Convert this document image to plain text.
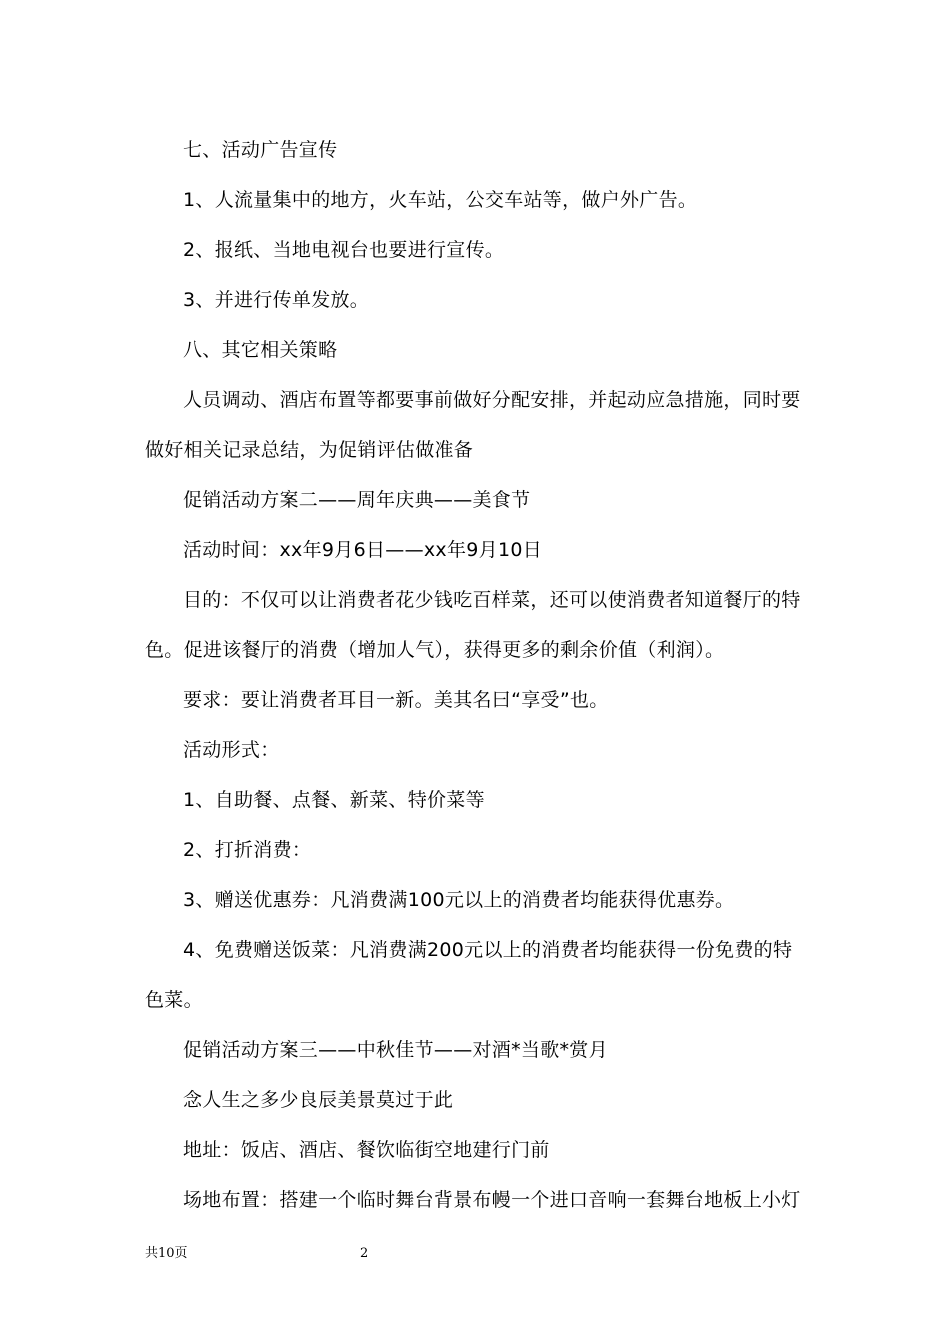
七、活动广告宣传

1、人流量集中的地方，火车站，公交车站等，做户外广告。

2、报纸、当地电视台也要进行宣传。

3、并进行传单发放。

八、其它相关策略

人员调动、酒店布置等都要事前做好分配安排，并起动应急措施，同时要做好相关记录总结，为促销评估做准备

促销活动方案二——周年庆典——美食节

活动时间：xx年9月6日——xx年9月10日

目的：不仅可以让消费者花少钱吃百样菜，还可以使消费者知道餐厅的特色。促进该餐厅的消费（增加人气），获得更多的剩余价值（利润）。

要求：要让消费者耳目一新。美其名曰“享受”也。

活动形式：

1、自助餐、点餐、新菜、特价菜等

2、打折消费：

3、赠送优惠券：凡消费满100元以上的消费者均能获得优惠券。

4、免费赠送饭菜：凡消费满200元以上的消费者均能获得一份免费的特色菜。

促销活动方案三——中秋佳节——对酒*当歌*赏月

念人生之多少良辰美景莫过于此

地址：饭店、酒店、餐饮临街空地建行门前

场地布置：搭建一个临时舞台背景布幔一个进口音响一套舞台地板上小灯

共10页	2
